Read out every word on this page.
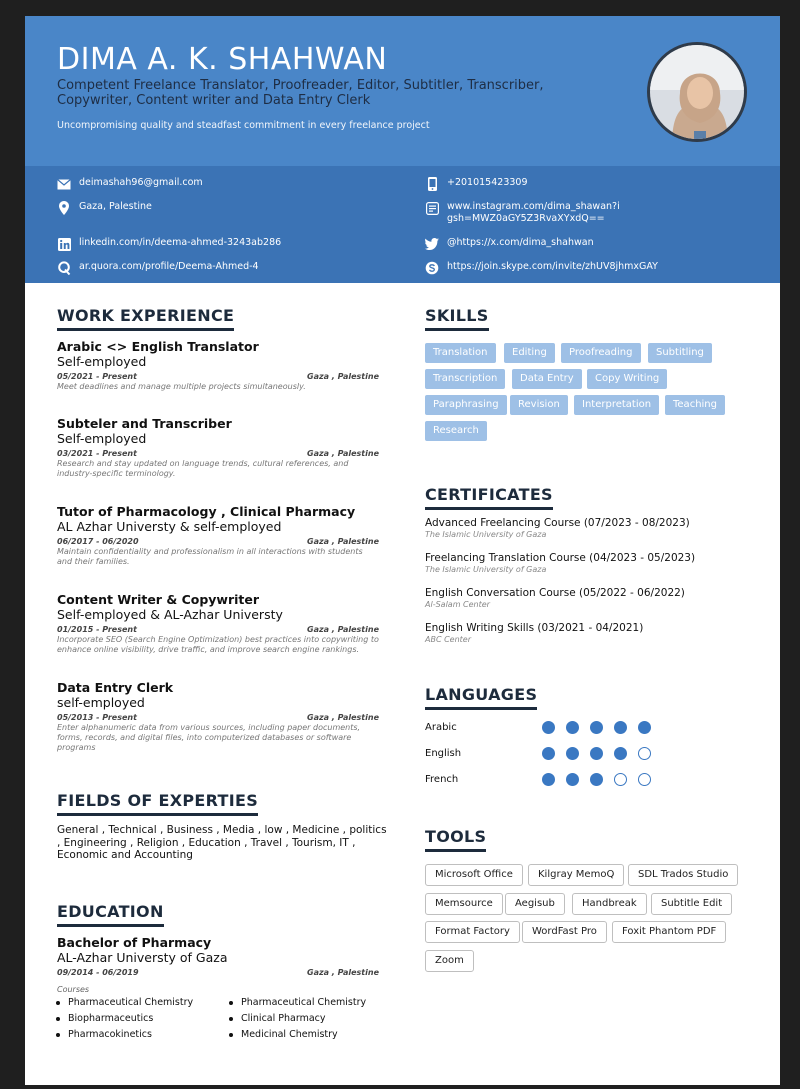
DIMA A. K. SHAHWAN
Competent Freelance Translator, Proofreader, Editor, Subtitler, Transcriber, Copywriter, Content writer and Data Entry Clerk
Uncompromising quality and steadfast commitment in every freelance project
deimashah96@gmail.com	+201015423309
Gaza, Palestine	www.instagram.com/dima_shawan?igsh=MWZ0aGY5Z3RvaXYxdQ==
linkedin.com/in/deema-ahmed-3243ab286	@https://x.com/dima_shahwan
ar.quora.com/profile/Deema-Ahmed-4	https://join.skype.com/invite/zhUV8jhmxGAY
WORK EXPERIENCE
Arabic <> English Translator
Self-employed
05/2021 - Present	Gaza , Palestine
Meet deadlines and manage multiple projects simultaneously.
Subteler and Transcriber
Self-employed
03/2021 - Present	Gaza , Palestine
Research and stay updated on language trends, cultural references, and industry-specific terminology.
Tutor of Pharmacology , Clinical Pharmacy
AL Azhar Universty & self-employed
06/2017 - 06/2020	Gaza , Palestine
Maintain confidentiality and professionalism in all interactions with students and their families.
Content Writer & Copywriter
Self-employed & AL-Azhar Universty
01/2015 - Present	Gaza , Palestine
Incorporate SEO (Search Engine Optimization) best practices into copywriting to enhance online visibility, drive traffic, and improve search engine rankings.
Data Entry Clerk
self-employed
05/2013 - Present	Gaza , Palestine
Enter alphanumeric data from various sources, including paper documents, forms, records, and digital files, into computerized databases or software programs
FIELDS OF EXPERTIES
General , Technical , Business , Media , low , Medicine , politics , Engineering , Religion , Education , Travel , Tourism, IT , Economic and Accounting
EDUCATION
Bachelor of Pharmacy
AL-Azhar Universty of Gaza
09/2014 - 06/2019	Gaza , Palestine
Courses
Pharmaceutical Chemistry	Pharmaceutical Chemistry
Biopharmaceutics	Clinical Pharmacy
Pharmacokinetics	Medicinal Chemistry
SKILLS
Translation	Editing	Proofreading	Subtitling
Transcription	Data Entry	Copy Writing
Paraphrasing	Revision	Interpretation	Teaching
Research
CERTIFICATES
Advanced Freelancing Course (07/2023 - 08/2023)
The Islamic University of Gaza
Freelancing Translation Course (04/2023 - 05/2023)
The Islamic University of Gaza
English Conversation Course (05/2022 - 06/2022)
Al-Salam Center
English Writing Skills (03/2021 - 04/2021)
ABC Center
LANGUAGES
Arabic
English
French
TOOLS
Microsoft Office	Kilgray MemoQ	SDL Trados Studio
Memsource	Aegisub	Handbreak	Subtitle Edit
Format Factory	WordFast Pro	Foxit Phantom PDF
Zoom
